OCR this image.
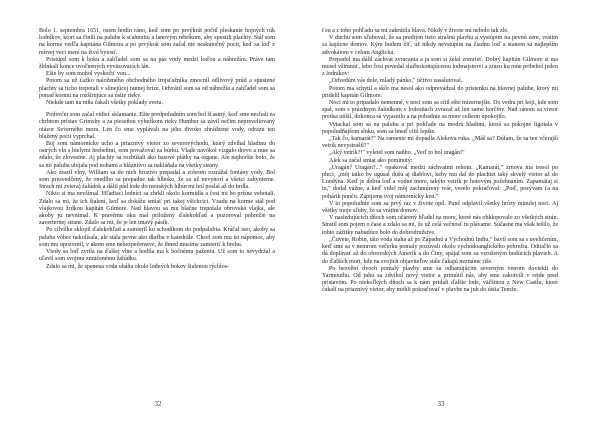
Bolo 1. septembra 1651, osem hodín ráno, keď som po prvýkrát počul pleskanie hojných rúk lodníkov, ktorí sa činili na palube k sťahnutiu a lanovým rebríkom, aby spustili plachty. Stál som na korme vedľa kapitána Gilmora a po prvýkrát som začal nie neskutočný pocit, keď sa loď z mítvej veci mení na živú bytosť.

Pristúpil som k boku a zahľadel som sa na pás vody medzi loďou a nábrežím. Práve tam žblnkali konce uvoľnených vyväzovacích lán.

Ešte by som mohol vyskočiť von...

Potom sa už ťažko naloženého obchodného trojsťažníka zmocnil odlivový prúd a spustené plachty sa ticho trepotali v slinejúcej rannej brize. Odvrátil som sa od nábrežia a zahľadel som sa ponad kormu na rozširujúce sa ústie rieky.

Niekde tam na mňa čakali všetky poklady sveta.

Podvečer som začal vidieť sklamanie. Ešte predpoludním som bol šťastný, keď sme nechali za chrbtom prístav Grimsby a za pieseňou výbežkom rieky Humber sa závil nečim nepreveliovaný otázor Severného mora. Len čo sme vyplávali na jeho divoko zhrádzené vody, odrazu ten blažený pocit vyprchal.

Boj som námornícke ucho a priaznivý vietor zo severovýchodu, ktorý zdvíhal hladinu do ostrých vĺn s bielymi hrebeňmi, som považoval za búrku. Vlade navôkol vízgalo drevo a mne sa zdalo, že zlovestne. Aj plachty sa rozbúšali ako basové plátky na organe. Ale najhoršie bolo, že sa mi paluba ubíjala pod nohami a blázniivo sa nakláňala na všetky strany.

Ako zrazil vlny, William sa do nich hrozivo prepadal a zobrom rozrážal fontány vody. Bol som presvedčený, že onedlho sa prepadne tak hlboko, že sa už nevynorí a všetci zahynieme. Strach mi zviera) žalúdok a dálil pád lode do morských hlbín mi hol poslal až do hrdla.

Nikto si ma nevšímal. Hľadiaci lodníci sa zbrkli okolo kormidla a čosi mi bo prísne vebotali. Zdalo sa mi, že ich šialení, keď sa dokážu smiať pri takej všichcici. Vzadu na korme stál pod vlajkovou žrdkou kapitán Gilmore. Nad hlavou sa mu blačne trepotala obrovská vlajka, ale akoby ju nevnímal. K pravému oku mal priložený ďalekohľad a pozoroval pobrežie na zaverternej strane. Zdalo sa mi, že je len tmavý pásik.

Po cílvilke sklopil ďalekohľad a zamieril ku schodíkom do podpalubia. Kráčal isto, akoby sa paluba vôbec nekolísala, ale stála pevne ako dlažba v katedrále. Chcel som mu ist nápomoc, aby som mu upozornil, v akom sme nebezpečenstve, že ihned musíme zamieriť k brehu.

Vtedy sa loď zvrtla na ďalšej vlne a hodila ma k bočnému paženiu. Už som to nevydržal a uľavil som svojmu zmučenému žalúdku.

Zdalo sa mi, že spenená voda uháňa okolo lodných bokov šialenou rýchlos-

32

ťou a z toho pohľadu sa mi zakrútila hlava. Nikdy v živote mi nebolo tak zle.

V duchu som sľuboval, že sa predtým tieto strašnú plavbu a vystúpim na pevnú zem, vrátim sa kajúcne domov. Kým budem žiť, už nikdy nevstúpim na žiadnu loď a stanem sa najlepším advokátom v celom Anglicku.

Prepadol ma dálil záchvat zvracania a ja som si želal zomrieť. Dobrý kapitán Gilmore si ma musel všimnúť, lebo čosi povedal službokonajúcemu lodmajstrovi a zrazu ku mne pribehol jeden z lodníkov:

„Odvedúm vás dole, mladý pánko," účtivo zasalutoval.

Potom ma schytil a skôr ma nesol ako odprevádzal do pristenku na hlavnej palube, ktorý mi pridelil kapitán Gilmore.

Noci mi to pripadalo nemenné, v noci som sa cítil ešte mizernejšie. Do vedra pri kóji, kde som spal, som s prázdnym žalúdkom v bolestiach zvracal až len samé horčiny. Nad ránom sa vietor predsa utíšil, dokonca sa vyjasnilo a na pobadnie sa more celkom upokojilo.

Vytackal som sa na palubu a pri pohľade na modrú hladinu, ktorá sa pokojne ligotala v popoludňajšom slnku, som sa hneď cítil lepšie.

„Tak čo, kamarát?" Na ramenie mi dopadla Alekova ruka. „Máš sa? Dúfam, že sa ten včerajší vetrík nevystrašil?"

„Aký vetrík?!" vyletel som naňho. „Veď to bol uragán!"

Alek sa začal smiat ako pominutý:

„Uragán? Uragán?..." opakoval medzi záchvatmi rehotu. „Kamarát," zrnova ma tresol po pleci, „môj tatko by ugúsal dušu aj diablovi, keby mu dal do plachiet taký skvelý vietor až do Londýna. Keď je dobrá loď a vodné more, takýto vetrík je hotovým požehnaním. Zapamätaj si tu," dodal vážne, a keď videl môj zachmúrený tvár, veselo pokračoval: „Poď, pozývam ťa na pohárik punču. Zapijeme tvoj námornícky krst."

V to popoludnie som sa prvý raz v živote opil. Punč odplavil všetky hrôzy minulej noci. Aj všetky moje sľuby, že sa vrátim domov.

V nasledujúcich dňoch som očarený hľadel na more, ktoré nás obklopovalo zo všetkých strán. Stratil som pojem o čase a zdalo sa mi, že už celá večnosť tu plávame. Súčasne ma však tešilo, že tohto zážitky nabudúce bolo do dobrodružstve.

„Čuvete, Robin, táto voda siaha až po Západnú a Východnú Indiu," bavil som sa s uveličením, keď sme sa v nemrom večerku pomaly pozúvali okolo východoanglického pobrežia. Odtiaľto sa dá doplávať až do obrovských Amerík a do Číny, spájal som sa vzrušeným budúcich plavieb. A do ďalších mori, kde na svojich objaviteľov stále čakajú neznáme riše.

Po bezvětrí dvoch pomalý plavby sme sa odhanujúcim severným vetrom doviekli do Yarmouthu. Od juhu sa zdvíhol nový vietor a primútil nás, aby sme zakotvili v rejde pred prístavom. Po niekoľkých dňoch sa k nám pridali ďalšie lode, väčšinou z New Castlu, ktoré čakali na priaznivý vietor, aby mohli pokračovať v plavbe na juh do ústia Temže.

33
